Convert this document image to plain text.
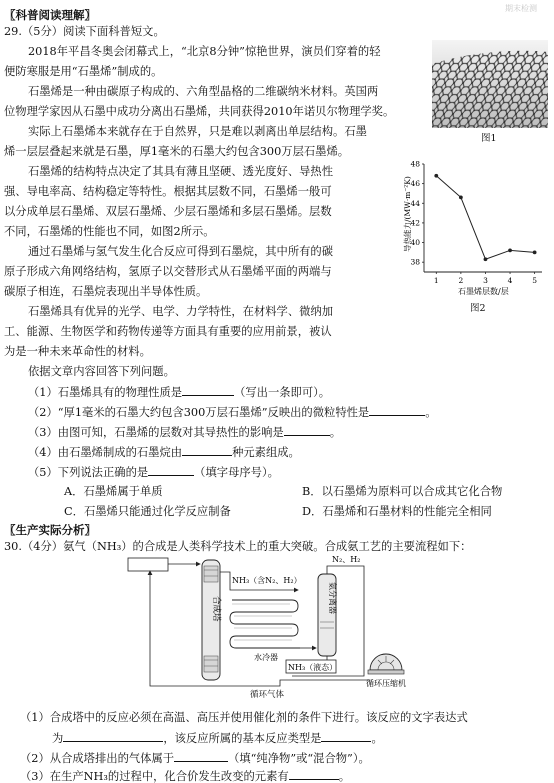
期末检测
〖科普阅读理解〗
29.（5分）阅读下面科普短文。
2018年平昌冬奥会闭幕式上，“北京8分钟”惊艳世界，演员们穿着的轻
便防寒服是用“石墨烯”制成的。
石墨烯是一种由碳原子构成的、六角型晶格的二维碳纳米材料。英国两
位物理学家因从石墨中成功分离出石墨烯，共同获得2010年诺贝尔物理学奖。
实际上石墨烯本来就存在于自然界，只是难以剥离出单层结构。石墨
烯一层层叠起来就是石墨，厚1毫米的石墨大约包含300万层石墨烯。
石墨烯的结构特点决定了其具有薄且坚硬、透光度好、导热性
强、导电率高、结构稳定等特性。根据其层数不同，石墨烯一般可
以分成单层石墨烯、双层石墨烯、少层石墨烯和多层石墨烯。层数
不同，石墨烯的性能也不同，如图2所示。
通过石墨烯与氢气发生化合反应可得到石墨烷，其中所有的碳
原子形成六角网络结构，氢原子以交替形式从石墨烯平面的两端与
碳原子相连，石墨烷表现出半导体性质。
石墨烯具有优异的光学、电学、力学特性，在材料学、微纳加
工、能源、生物医学和药物传递等方面具有重要的应用前景，被认
为是一种未来革命性的材料。
图1
38
40
42
44
46
48
1	2	3	4	5
导热能力/(MW·m⁻²K)
石墨烯层数/层
图2
依据文章内容回答下列问题。
（1）石墨烯具有的物理性质是	（写出一条即可）。
（2）“厚1毫米的石墨大约包含300万层石墨烯”反映出的微粒特性是	。
（3）由图可知，石墨烯的层数对其导热性的影响是	。
（4）由石墨烯制成的石墨烷由	种元素组成。
（5）下列说法正确的是	（填字母序号）。
A．石墨烯属于单质	B．以石墨烯为原料可以合成其它化合物
C．石墨烯只能通过化学反应制备	D．石墨烯和石墨材料的性能完全相同
〖生产实际分析〗
30.（4分）氨气（NH₃）的合成是人类科学技术上的重大突破。合成氨工艺的主要流程如下：
合成塔
NH₃（含N₂、H₂）
水冷器
氨分离器
N₂、H₂
NH₃（液态）
循环压缩机
循环气体
（1）合成塔中的反应必须在高温、高压并使用催化剂的条件下进行。该反应的文字表达式
为	，该反应所属的基本反应类型是	。
（2）从合成塔排出的气体属于	（填“纯净物”或“混合物”）。
（3）在生产NH₃的过程中，化合价发生改变的元素有	。
